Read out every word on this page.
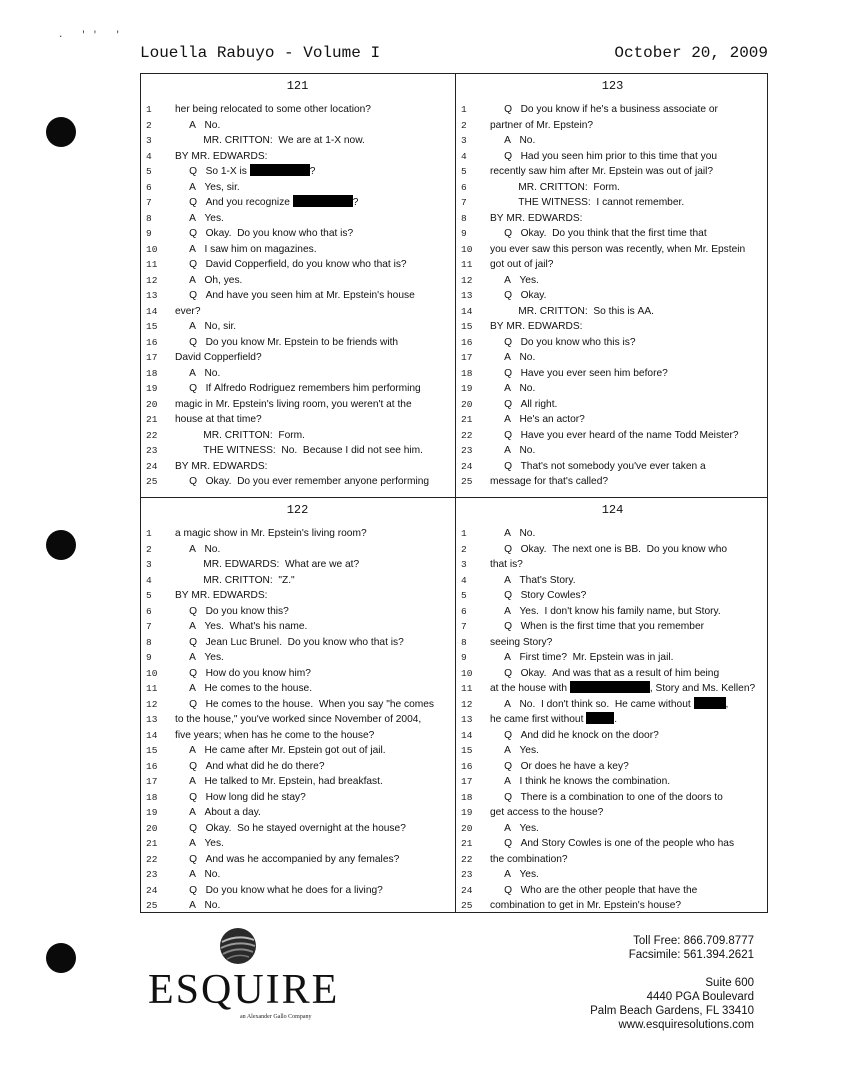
. '' '
Louella Rabuyo - Volume I	October 20, 2009
121
1	her being relocated to some other location?
2	A   No.
3	MR. CRITTON:  We are at 1-X now.
4	BY MR. EDWARDS:
5	Q   So 1-X is	?
6	A   Yes, sir.
7	Q   And you recognize	?
8	A   Yes.
9	Q   Okay.  Do you know who that is?
10	A   I saw him on magazines.
11	Q   David Copperfield, do you know who that is?
12	A   Oh, yes.
13	Q   And have you seen him at Mr. Epstein's house
14	ever?
15	A   No, sir.
16	Q   Do you know Mr. Epstein to be friends with
17	David Copperfield?
18	A   No.
19	Q   If Alfredo Rodriguez remembers him performing
20	magic in Mr. Epstein's living room, you weren't at the
21	house at that time?
22	MR. CRITTON:  Form.
23	THE WITNESS:  No.  Because I did not see him.
24	BY MR. EDWARDS:
25	Q   Okay.  Do you ever remember anyone performing
123
1	Q   Do you know if he's a business associate or
2	partner of Mr. Epstein?
3	A   No.
4	Q   Had you seen him prior to this time that you
5	recently saw him after Mr. Epstein was out of jail?
6	MR. CRITTON:  Form.
7	THE WITNESS:  I cannot remember.
8	BY MR. EDWARDS:
9	Q   Okay.  Do you think that the first time that
10	you ever saw this person was recently, when Mr. Epstein
11	got out of jail?
12	A   Yes.
13	Q   Okay.
14	MR. CRITTON:  So this is AA.
15	BY MR. EDWARDS:
16	Q   Do you know who this is?
17	A   No.
18	Q   Have you ever seen him before?
19	A   No.
20	Q   All right.
21	A   He's an actor?
22	Q   Have you ever heard of the name Todd Meister?
23	A   No.
24	Q   That's not somebody you've ever taken a
25	message for that's called?
122
1	a magic show in Mr. Epstein's living room?
2	A   No.
3	MR. EDWARDS:  What are we at?
4	MR. CRITTON:  "Z."
5	BY MR. EDWARDS:
6	Q   Do you know this?
7	A   Yes.  What's his name.
8	Q   Jean Luc Brunel.  Do you know who that is?
9	A   Yes.
10	Q   How do you know him?
11	A   He comes to the house.
12	Q   He comes to the house.  When you say "he comes
13	to the house," you've worked since November of 2004,
14	five years; when has he come to the house?
15	A   He came after Mr. Epstein got out of jail.
16	Q   And what did he do there?
17	A   He talked to Mr. Epstein, had breakfast.
18	Q   How long did he stay?
19	A   About a day.
20	Q   Okay.  So he stayed overnight at the house?
21	A   Yes.
22	Q   And was he accompanied by any females?
23	A   No.
24	Q   Do you know what he does for a living?
25	A   No.
124
1	A   No.
2	Q   Okay.  The next one is BB.  Do you know who
3	that is?
4	A   That's Story.
5	Q   Story Cowles?
6	A   Yes.  I don't know his family name, but Story.
7	Q   When is the first time that you remember
8	seeing Story?
9	A   First time?  Mr. Epstein was in jail.
10	Q   Okay.  And was that as a result of him being
11	at the house with	, Story and Ms. Kellen?
12	A   No.  I don't think so.  He came without	,
13	he came first without	.
14	Q   And did he knock on the door?
15	A   Yes.
16	Q   Or does he have a key?
17	A   I think he knows the combination.
18	Q   There is a combination to one of the doors to
19	get access to the house?
20	A   Yes.
21	Q   And Story Cowles is one of the people who has
22	the combination?
23	A   Yes.
24	Q   Who are the other people that have the
25	combination to get in Mr. Epstein's house?
ESQUIRE
an Alexander Gallo Company
Toll Free: 866.709.8777
Facsimile: 561.394.2621
Suite 600
4440 PGA Boulevard
Palm Beach Gardens, FL 33410
www.esquiresolutions.com
